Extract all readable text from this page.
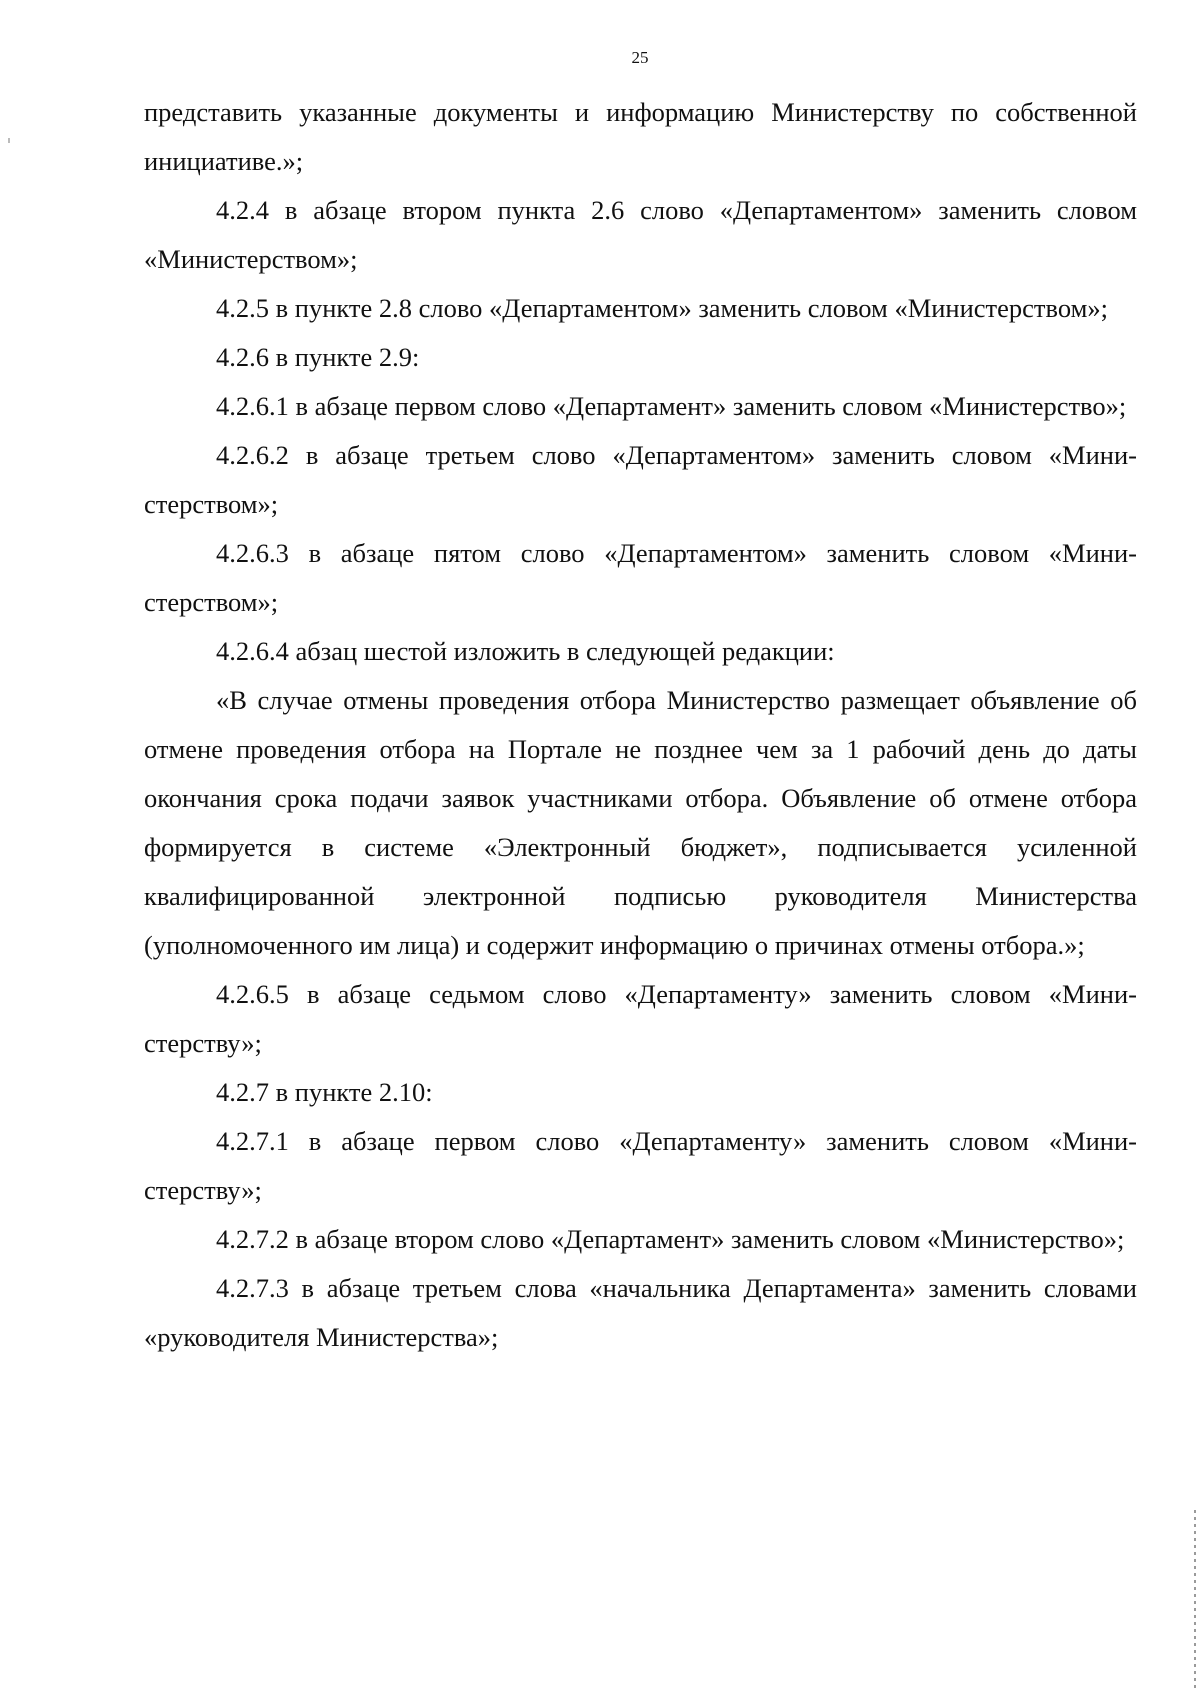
25

представить указанные документы и информацию Министерству по собственной инициативе.»;

4.2.4 в абзаце втором пункта 2.6 слово «Департаментом» заменить словом «Министерством»;

4.2.5 в пункте 2.8 слово «Департаментом» заменить словом «Министерством»;

4.2.6 в пункте 2.9:

4.2.6.1 в абзаце первом слово «Департамент» заменить словом «Министерство»;

4.2.6.2 в абзаце третьем слово «Департаментом» заменить словом «Министерством»;

4.2.6.3 в абзаце пятом слово «Департаментом» заменить словом «Министерством»;

4.2.6.4 абзац шестой изложить в следующей редакции:

«В случае отмены проведения отбора Министерство размещает объявление об отмене проведения отбора на Портале не позднее чем за 1 рабочий день до даты окончания срока подачи заявок участниками отбора. Объявление об отмене отбора формируется в системе «Электронный бюджет», подписывается усиленной квалифицированной электронной подписью руководителя Министерства (уполномоченного им лица) и содержит информацию о причинах отмены отбора.»;

4.2.6.5 в абзаце седьмом слово «Департаменту» заменить словом «Министерству»;

4.2.7 в пункте 2.10:

4.2.7.1 в абзаце первом слово «Департаменту» заменить словом «Министерству»;

4.2.7.2 в абзаце втором слово «Департамент» заменить словом «Министерство»;

4.2.7.3 в абзаце третьем слова «начальника Департамента» заменить словами «руководителя Министерства»;
